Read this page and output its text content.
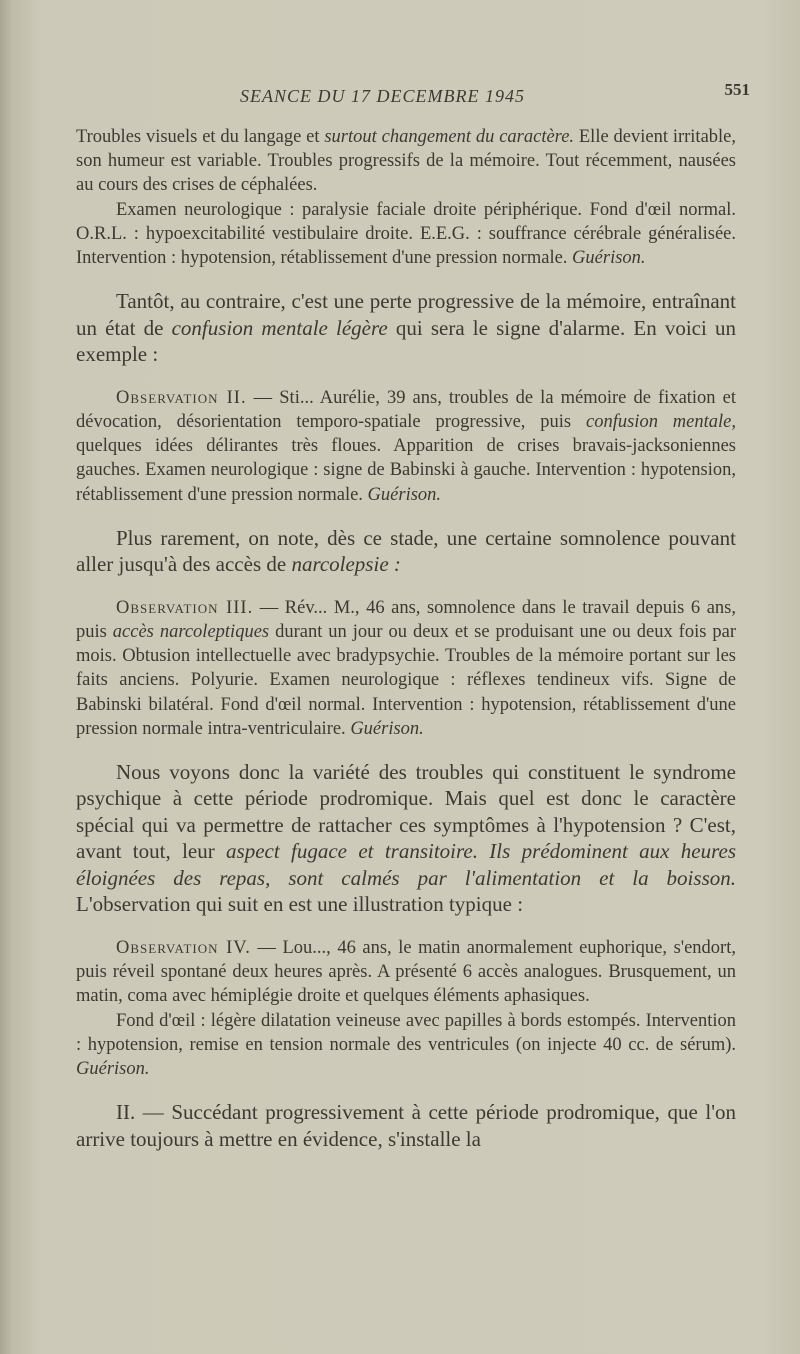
SEANCE DU 17 DECEMBRE 1945	551

Troubles visuels et du langage et surtout changement du caractère. Elle devient irritable, son humeur est variable. Troubles progressifs de la mémoire. Tout récemment, nausées au cours des crises de céphalées.

Examen neurologique : paralysie faciale droite périphérique. Fond d'œil normal. O.R.L. : hypoexcitabilité vestibulaire droite. E.E.G. : souffrance cérébrale généralisée. Intervention : hypotension, rétablissement d'une pression normale. Guérison.

Tantôt, au contraire, c'est une perte progressive de la mémoire, entraînant un état de confusion mentale légère qui sera le signe d'alarme. En voici un exemple :

Observation II. — Sti... Aurélie, 39 ans, troubles de la mémoire de fixation et dévocation, désorientation temporo-spatiale progressive, puis confusion mentale, quelques idées délirantes très floues. Apparition de crises bravais-jacksoniennes gauches. Examen neurologique : signe de Babinski à gauche. Intervention : hypotension, rétablissement d'une pression normale. Guérison.

Plus rarement, on note, dès ce stade, une certaine somnolence pouvant aller jusqu'à des accès de narcolepsie :

Observation III. — Rév... M., 46 ans, somnolence dans le travail depuis 6 ans, puis accès narcoleptiques durant un jour ou deux et se produisant une ou deux fois par mois. Obtusion intellectuelle avec bradypsychie. Troubles de la mémoire portant sur les faits anciens. Polyurie. Examen neurologique : réflexes tendineux vifs. Signe de Babinski bilatéral. Fond d'œil normal. Intervention : hypotension, rétablissement d'une pression normale intra-ventriculaire. Guérison.

Nous voyons donc la variété des troubles qui constituent le syndrome psychique à cette période prodromique. Mais quel est donc le caractère spécial qui va permettre de rattacher ces symptômes à l'hypotension ? C'est, avant tout, leur aspect fugace et transitoire. Ils prédominent aux heures éloignées des repas, sont calmés par l'alimentation et la boisson. L'observation qui suit en est une illustration typique :

Observation IV. — Lou..., 46 ans, le matin anormalement euphorique, s'endort, puis réveil spontané deux heures après. A présenté 6 accès analogues. Brusquement, un matin, coma avec hémiplégie droite et quelques éléments aphasiques.

Fond d'œil : légère dilatation veineuse avec papilles à bords estompés. Intervention : hypotension, remise en tension normale des ventricules (on injecte 40 cc. de sérum). Guérison.

II. — Succédant progressivement à cette période prodromique, que l'on arrive toujours à mettre en évidence, s'installe la
